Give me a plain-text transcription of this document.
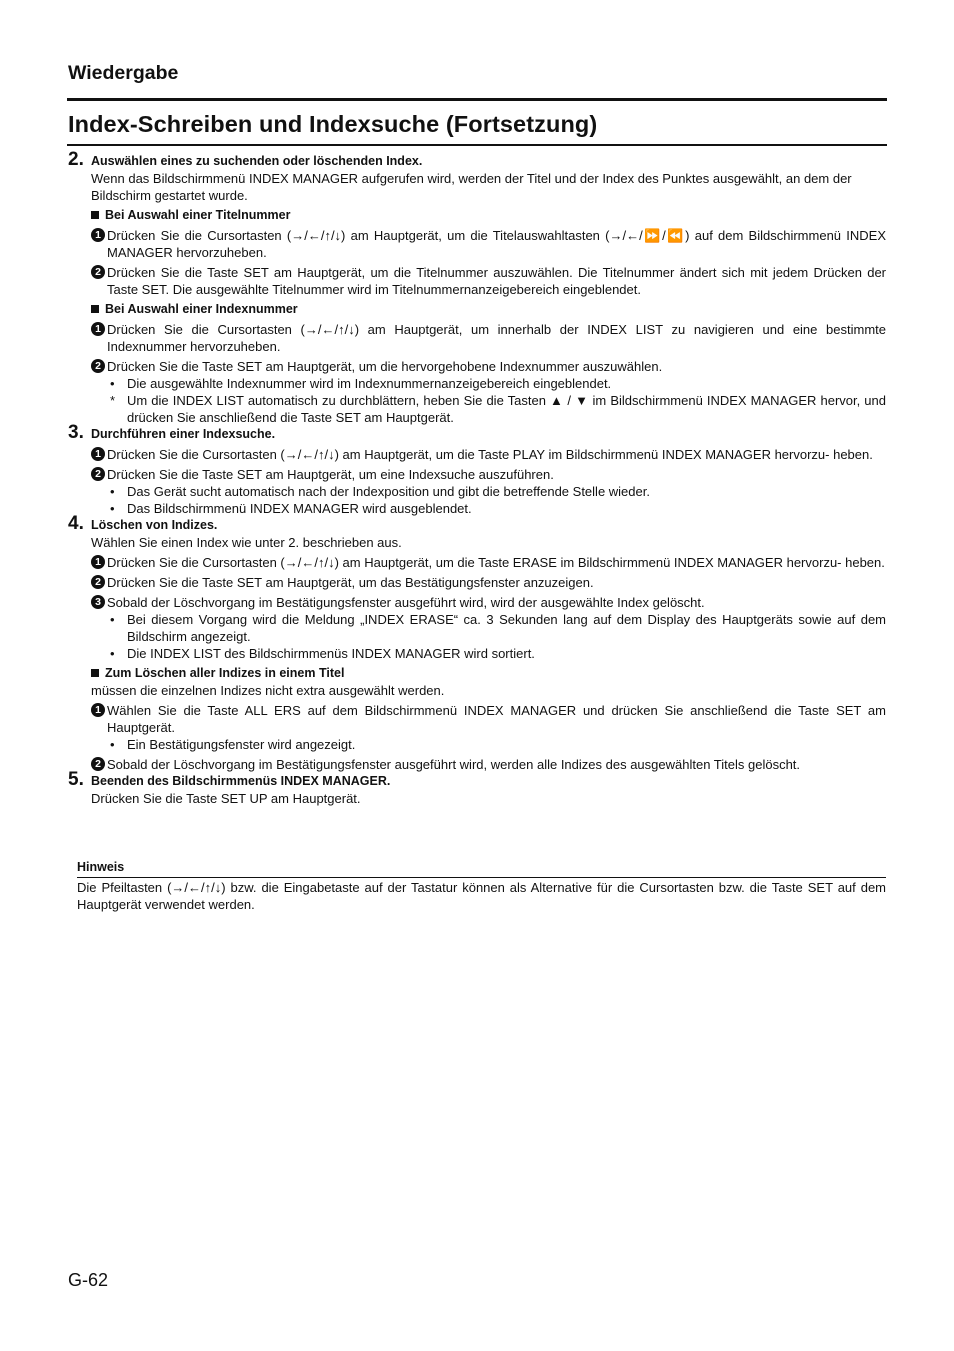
Wiedergabe
Index-Schreiben und Indexsuche (Fortsetzung)
2. Auswählen eines zu suchenden oder löschenden Index.
Wenn das Bildschirmmenü INDEX MANAGER aufgerufen wird, werden der Titel und der Index des Punktes ausgewählt, an dem der Bildschirm gestartet wurde.
Bei Auswahl einer Titelnummer
1 Drücken Sie die Cursortasten (→/←/↑/↓) am Hauptgerät, um die Titelauswahltasten (→/←/⏩/⏪) auf dem Bildschirmmenü INDEX MANAGER hervorzuheben.
2 Drücken Sie die Taste SET am Hauptgerät, um die Titelnummer auszuwählen. Die Titelnummer ändert sich mit jedem Drücken der Taste SET. Die ausgewählte Titelnummer wird im Titelnummernanzeigebereich eingeblendet.
Bei Auswahl einer Indexnummer
1 Drücken Sie die Cursortasten (→/←/↑/↓) am Hauptgerät, um innerhalb der INDEX LIST zu navigieren und eine bestimmte Indexnummer hervorzuheben.
2 Drücken Sie die Taste SET am Hauptgerät, um die hervorgehobene Indexnummer auszuwählen.
• Die ausgewählte Indexnummer wird im Indexnummernanzeigebereich eingeblendet.
* Um die INDEX LIST automatisch zu durchblättern, heben Sie die Tasten ▲ / ▼ im Bildschirmmenü INDEX MANAGER hervor, und drücken Sie anschließend die Taste SET am Hauptgerät.
3. Durchführen einer Indexsuche.
1 Drücken Sie die Cursortasten (→/←/↑/↓) am Hauptgerät, um die Taste PLAY im Bildschirmmenü INDEX MANAGER hervorzu- heben.
2 Drücken Sie die Taste SET am Hauptgerät, um eine Indexsuche auszuführen.
• Das Gerät sucht automatisch nach der Indexposition und gibt die betreffende Stelle wieder.
• Das Bildschirmmenü INDEX MANAGER wird ausgeblendet.
4. Löschen von Indizes.
Wählen Sie einen Index wie unter 2. beschrieben aus.
1 Drücken Sie die Cursortasten (→/←/↑/↓) am Hauptgerät, um die Taste ERASE im Bildschirmmenü INDEX MANAGER hervorzu- heben.
2 Drücken Sie die Taste SET am Hauptgerät, um das Bestätigungsfenster anzuzeigen.
3 Sobald der Löschvorgang im Bestätigungsfenster ausgeführt wird, wird der ausgewählte Index gelöscht.
• Bei diesem Vorgang wird die Meldung „INDEX ERASE“ ca. 3 Sekunden lang auf dem Display des Hauptgeräts sowie auf dem Bildschirm angezeigt.
• Die INDEX LIST des Bildschirmmenüs INDEX MANAGER wird sortiert.
Zum Löschen aller Indizes in einem Titel
müssen die einzelnen Indizes nicht extra ausgewählt werden.
1 Wählen Sie die Taste ALL ERS auf dem Bildschirmmenü INDEX MANAGER und drücken Sie anschließend die Taste SET am Hauptgerät.
• Ein Bestätigungsfenster wird angezeigt.
2 Sobald der Löschvorgang im Bestätigungsfenster ausgeführt wird, werden alle Indizes des ausgewählten Titels gelöscht.
5. Beenden des Bildschirmmenüs INDEX MANAGER.
Drücken Sie die Taste SET UP am Hauptgerät.
Hinweis
Die Pfeiltasten (→/←/↑/↓) bzw. die Eingabetaste auf der Tastatur können als Alternative für die Cursortasten bzw. die Taste SET auf dem Hauptgerät verwendet werden.
G-62
